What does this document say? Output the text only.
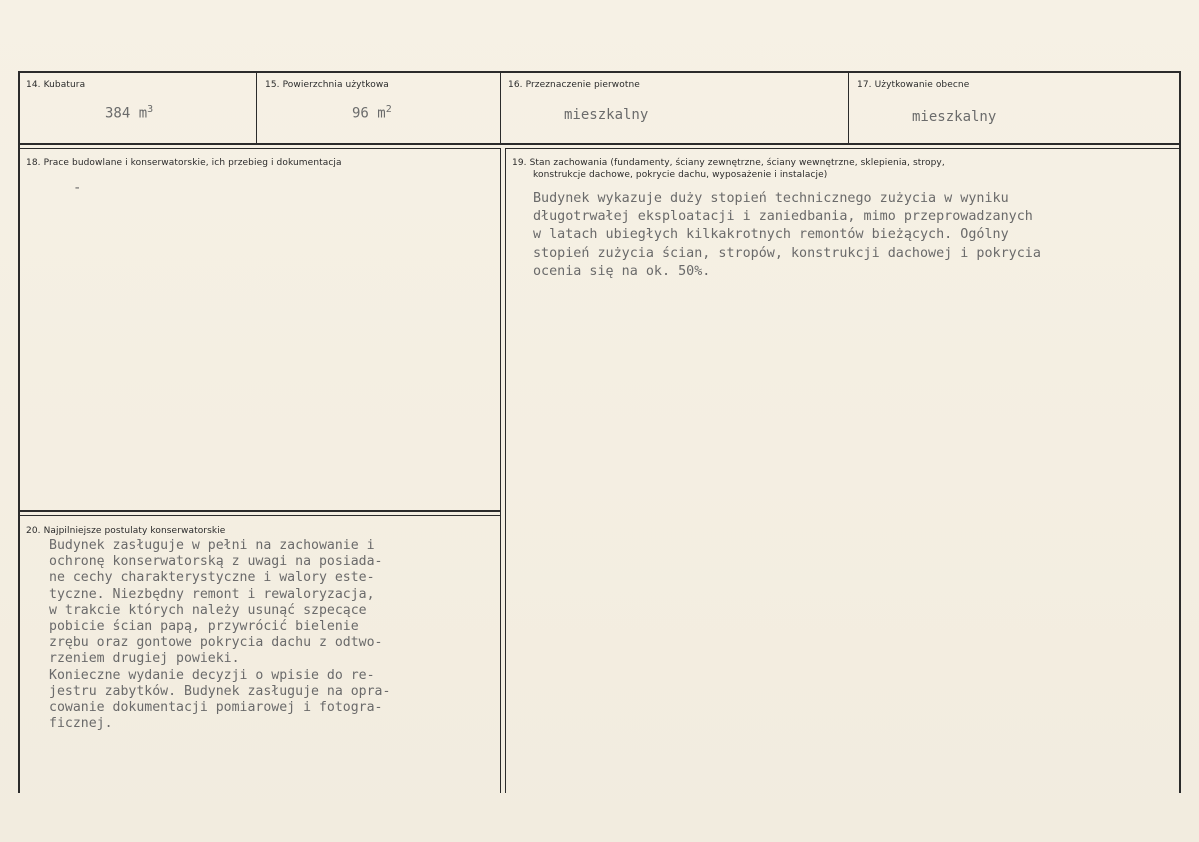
14. Kubatura	15. Powierzchnia użytkowa	16. Przeznaczenie pierwotne	17. Użytkowanie obecne
384 $m^3$	96 $m^2$	mieszkalny	mieszkalny
18. Prace budowlane i konserwatorskie, ich przebieg i dokumentacja
-
19. Stan zachowania (fundamenty, ściany zewnętrzne, ściany wewnętrzne, sklepienia, stropy,
konstrukcje dachowe, pokrycie dachu, wyposażenie i instalacje)
Budynek wykazuje duży stopień technicznego zużycia w wyniku
długotrwałej eksploatacji i zaniedbania, mimo przeprowadzanych
w latach ubiegłych kilkakrotnych remontów bieżących. Ogólny
stopień zużycia ścian, stropów, konstrukcji dachowej i pokrycia
ocenia się na ok. 50%.
20. Najpilniejsze postulaty konserwatorskie
Budynek zasługuje w pełni na zachowanie i
ochronę konserwatorską z uwagi na posiada-
ne cechy charakterystyczne i walory este-
tyczne. Niezbędny remont i rewaloryzacja,
w trakcie których należy usunąć szpecące
pobicie ścian papą, przywrócić bielenie
zrębu oraz gontowe pokrycia dachu z odtwo-
rzeniem drugiej powieki.
Konieczne wydanie decyzji o wpisie do re-
jestru zabytków. Budynek zasługuje na opra-
cowanie dokumentacji pomiarowej i fotogra-
ficznej.
